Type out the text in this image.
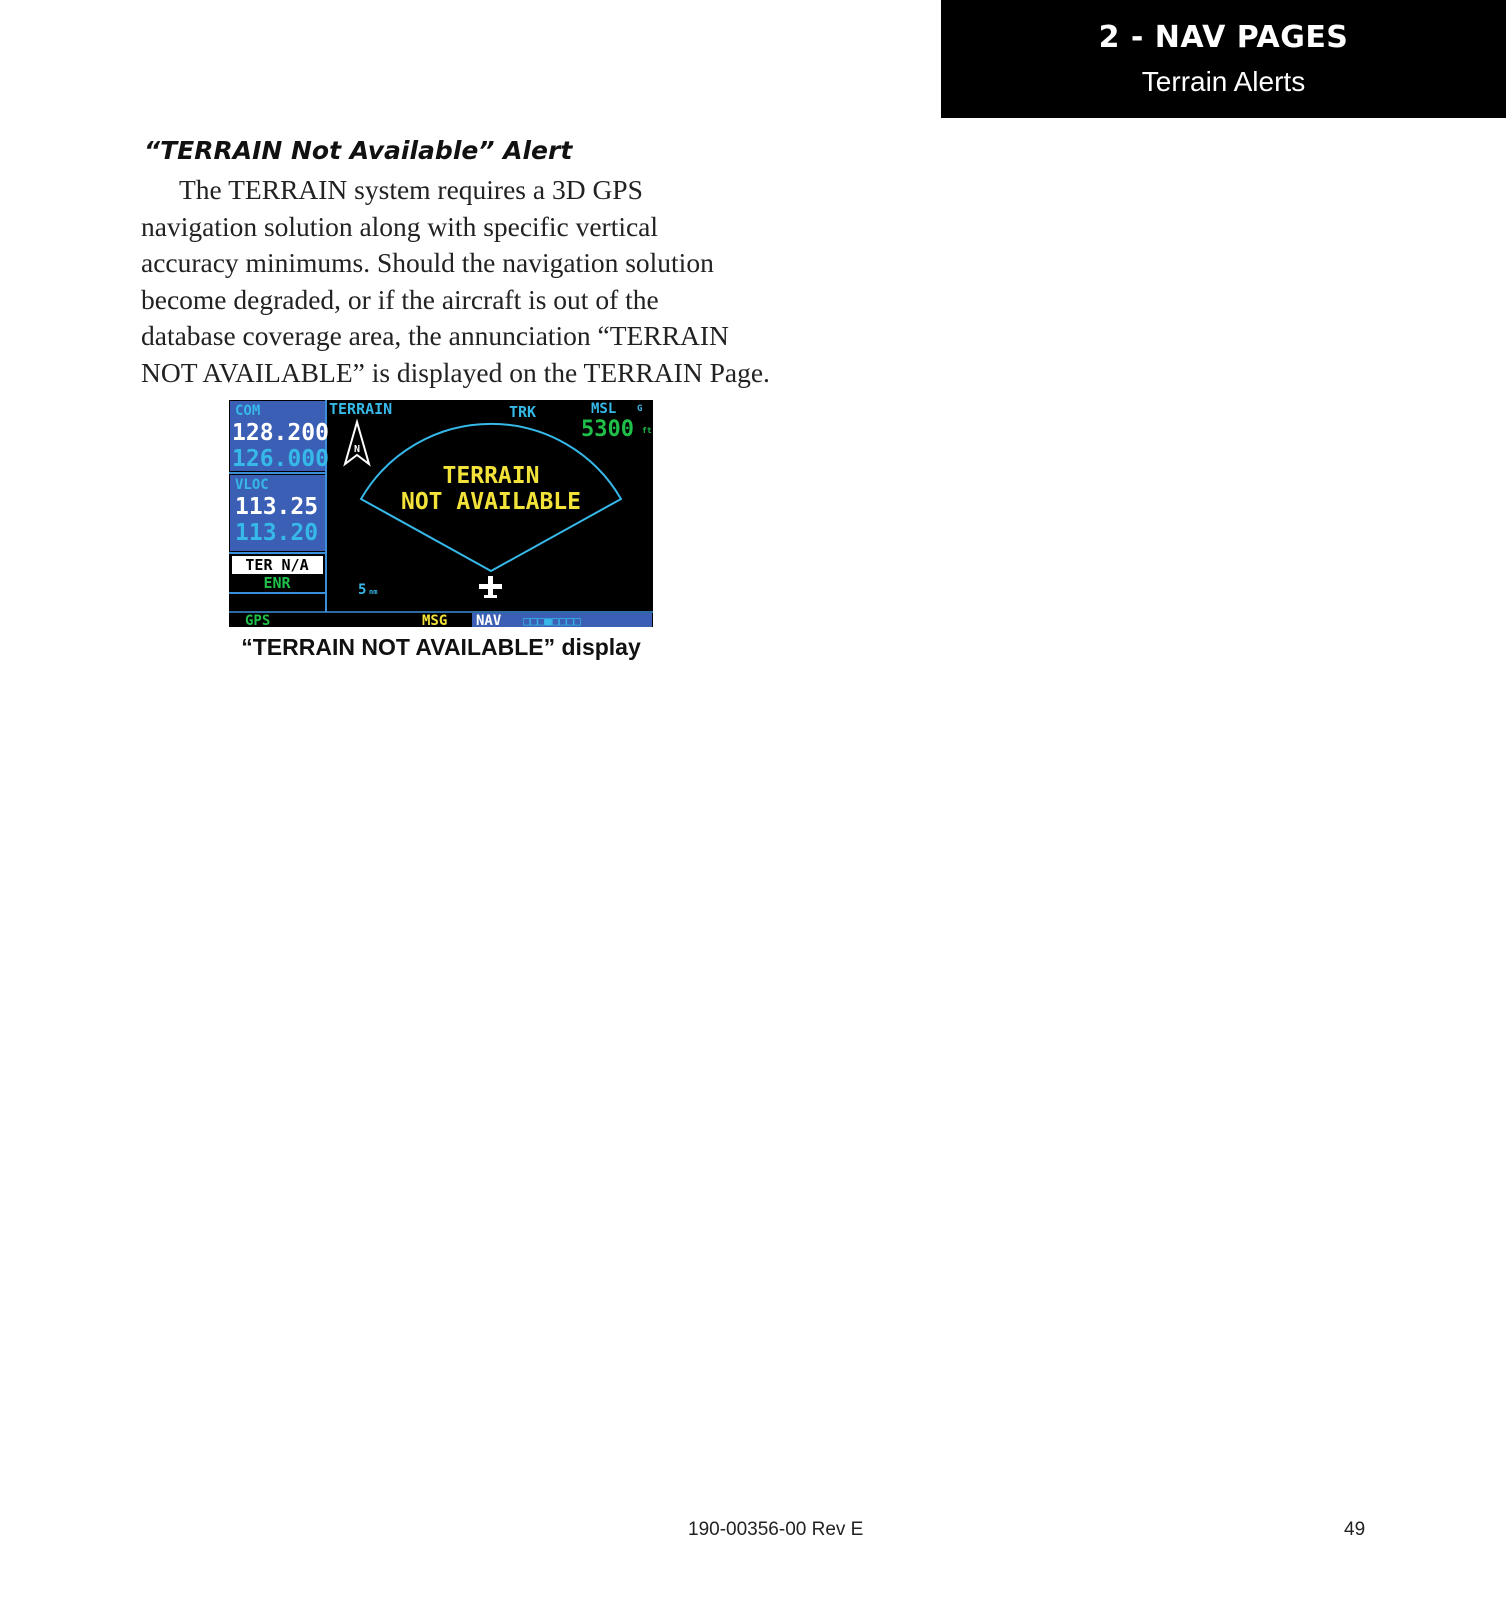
2 - NAV PAGES
Terrain Alerts
“TERRAIN Not Available” Alert
The TERRAIN system requires a 3D GPS
navigation solution along with specific vertical
accuracy minimums. Should the navigation solution
become degraded, or if the aircraft is out of the
database coverage area, the annunciation “TERRAIN
NOT AVAILABLE” is displayed on the TERRAIN Page.
COM
128.200
126.000
VLOC
113.25
113.20
TER N/A
ENR
GPS	MSG NAV □□□■□□□□
TERRAIN	TRK	MSL G
5300 ft
N
TERRAIN
NOT AVAILABLE
5 nm
“TERRAIN NOT AVAILABLE” display
190-00356-00 Rev E	49
